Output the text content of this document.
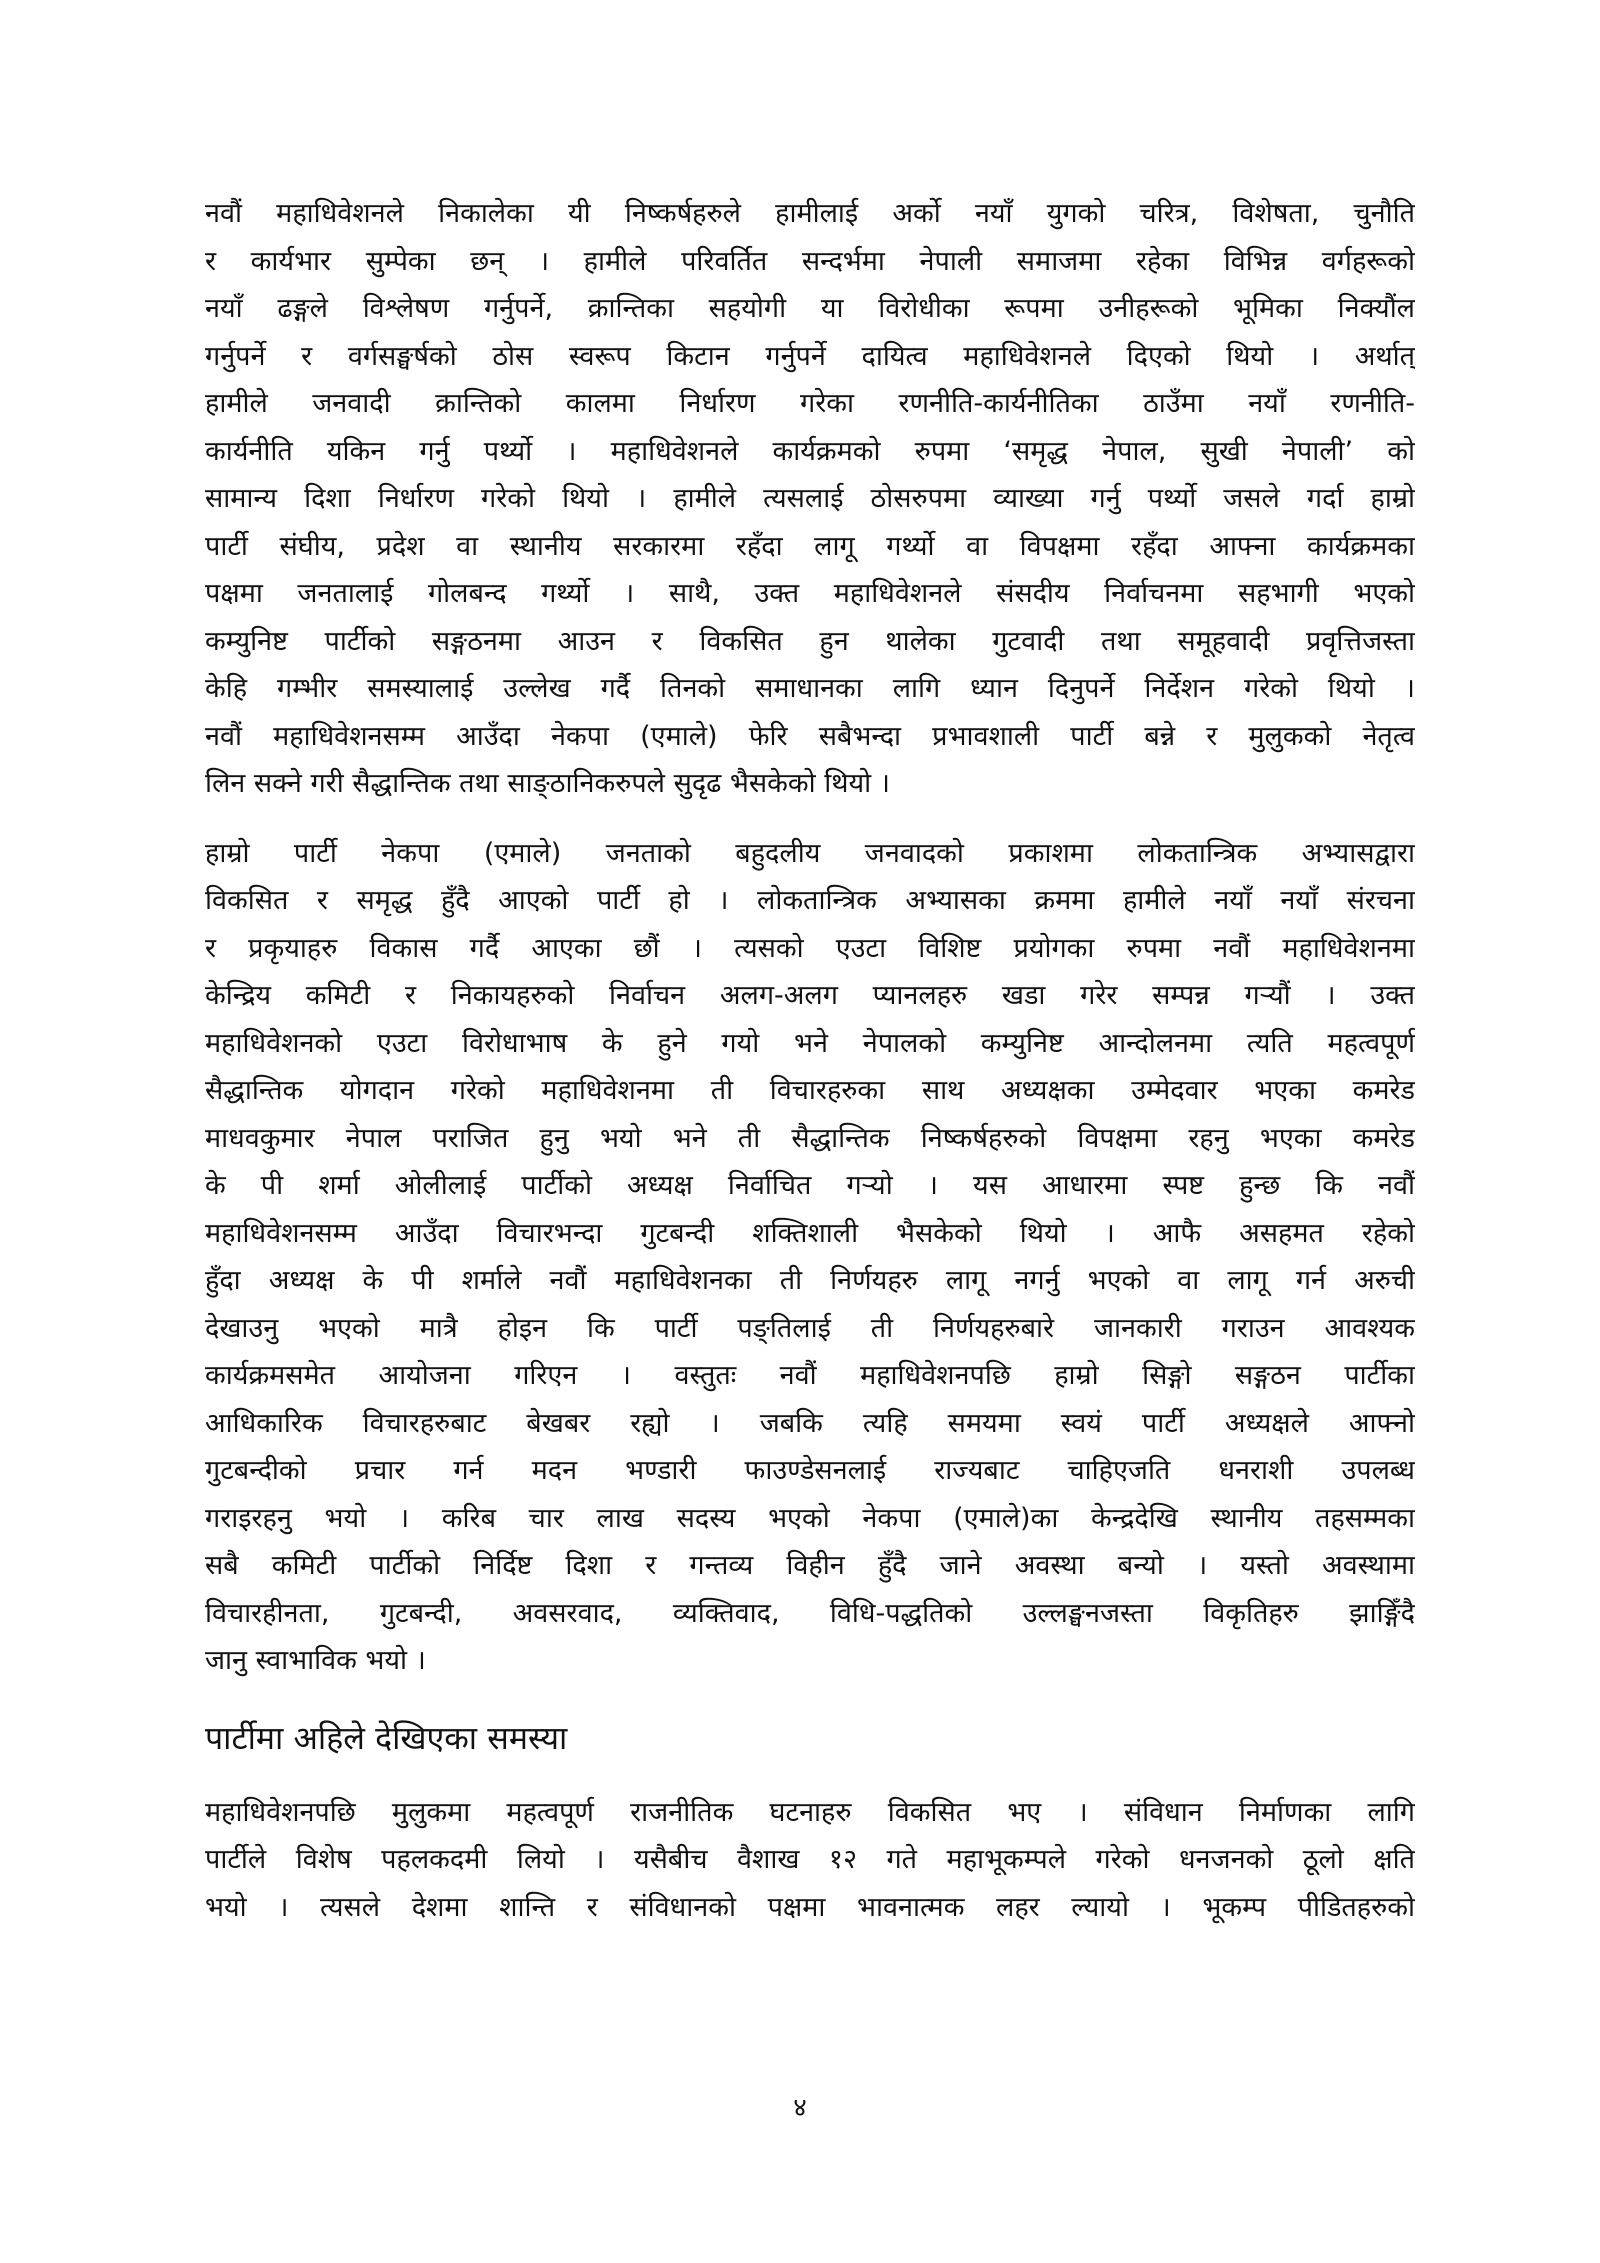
नवौं महाधिवेशनले निकालेका यी निष्कर्षहरुले हामीलाई अर्को नयाँ युगको चरित्र, विशेषता, चुनौति
र कार्यभार सुम्पेका छन् । हामीले परिवर्तित सन्दर्भमा नेपाली समाजमा रहेका विभिन्न वर्गहरूको
नयाँ ढङ्गले विश्लेषण गर्नुपर्ने, क्रान्तिका सहयोगी या विरोधीका रूपमा उनीहरूको भूमिका निक्यौंल
गर्नुपर्ने र वर्गसङ्घर्षको ठोस स्वरूप किटान गर्नुपर्ने दायित्व महाधिवेशनले दिएको थियो । अर्थात्
हामीले जनवादी क्रान्तिको कालमा निर्धारण गरेका रणनीति-कार्यनीतिका ठाउँमा नयाँ रणनीति-
कार्यनीति यकिन गर्नु पर्थ्यो । महाधिवेशनले कार्यक्रमको रुपमा ‘समृद्ध नेपाल, सुखी नेपाली’ को
सामान्य दिशा निर्धारण गरेको थियो । हामीले त्यसलाई ठोसरुपमा व्याख्या गर्नु पर्थ्यो जसले गर्दा हाम्रो
पार्टी संघीय, प्रदेश वा स्थानीय सरकारमा रहँदा लागू गर्थ्यो वा विपक्षमा रहँदा आफ्ना कार्यक्रमका
पक्षमा जनतालाई गोलबन्द गर्थ्यो । साथै, उक्त महाधिवेशनले संसदीय निर्वाचनमा सहभागी भएको
कम्युनिष्ट पार्टीको सङ्गठनमा आउन र विकसित हुन थालेका गुटवादी तथा समूहवादी प्रवृत्तिजस्ता
केहि गम्भीर समस्यालाई उल्लेख गर्दै तिनको समाधानका लागि ध्यान दिनुपर्ने निर्देशन गरेको थियो ।
नवौं महाधिवेशनसम्म आउँदा नेकपा (एमाले) फेरि सबैभन्दा प्रभावशाली पार्टी बन्ने र मुलुकको नेतृत्व
लिन सक्ने गरी सैद्धान्तिक तथा साङ्ठानिकरुपले सुदृढ भैसकेको थियो ।
हाम्रो पार्टी नेकपा (एमाले) जनताको बहुदलीय जनवादको प्रकाशमा लोकतान्त्रिक अभ्यासद्वारा
विकसित र समृद्ध हुँदै आएको पार्टी हो । लोकतान्त्रिक अभ्यासका क्रममा हामीले नयाँ नयाँ संरचना
र प्रकृयाहरु विकास गर्दै आएका छौं । त्यसको एउटा विशिष्ट प्रयोगका रुपमा नवौं महाधिवेशनमा
केन्द्रिय कमिटी र निकायहरुको निर्वाचन अलग-अलग प्यानलहरु खडा गरेर सम्पन्न गर्‍यौं । उक्त
महाधिवेशनको एउटा विरोधाभाष के हुने गयो भने नेपालको कम्युनिष्ट आन्दोलनमा त्यति महत्वपूर्ण
सैद्धान्तिक योगदान गरेको महाधिवेशनमा ती विचारहरुका साथ अध्यक्षका उम्मेदवार भएका कमरेड
माधवकुमार नेपाल पराजित हुनु भयो भने ती सैद्धान्तिक निष्कर्षहरुको विपक्षमा रहनु भएका कमरेड
के पी शर्मा ओलीलाई पार्टीको अध्यक्ष निर्वाचित गर्‍यो । यस आधारमा स्पष्ट हुन्छ कि नवौं
महाधिवेशनसम्म आउँदा विचारभन्दा गुटबन्दी शक्तिशाली भैसकेको थियो । आफै असहमत रहेको
हुँदा अध्यक्ष के पी शर्माले नवौं महाधिवेशनका ती निर्णयहरु लागू नगर्नु भएको वा लागू गर्न अरुची
देखाउनु भएको मात्रै होइन कि पार्टी पङ्तिलाई ती निर्णयहरुबारे जानकारी गराउन आवश्यक
कार्यक्रमसमेत आयोजना गरिएन । वस्तुतः नवौं महाधिवेशनपछि हाम्रो सिङ्गो सङ्गठन पार्टीका
आधिकारिक विचारहरुबाट बेखबर रह्यो । जबकि त्यहि समयमा स्वयं पार्टी अध्यक्षले आफ्नो
गुटबन्दीको प्रचार गर्न मदन भण्डारी फाउण्डेसनलाई राज्यबाट चाहिएजति धनराशी उपलब्ध
गराइरहनु भयो । करिब चार लाख सदस्य भएको नेकपा (एमाले)का केन्द्रदेखि स्थानीय तहसम्मका
सबै कमिटी पार्टीको निर्दिष्ट दिशा र गन्तव्य विहीन हुँदै जाने अवस्था बन्यो । यस्तो अवस्थामा
विचारहीनता, गुटबन्दी, अवसरवाद, व्यक्तिवाद, विधि-पद्धतिको उल्लङ्घनजस्ता विकृतिहरु झाङ्गिँदै
जानु स्वाभाविक भयो ।
पार्टीमा अहिले देखिएका समस्या
महाधिवेशनपछि मुलुकमा महत्वपूर्ण राजनीतिक घटनाहरु विकसित भए । संविधान निर्माणका लागि
पार्टीले विशेष पहलकदमी लियो । यसैबीच वैशाख १२ गते महाभूकम्पले गरेको धनजनको ठूलो क्षति
भयो । त्यसले देशमा शान्ति र संविधानको पक्षमा भावनात्मक लहर ल्यायो । भूकम्प पीडितहरुको
४
